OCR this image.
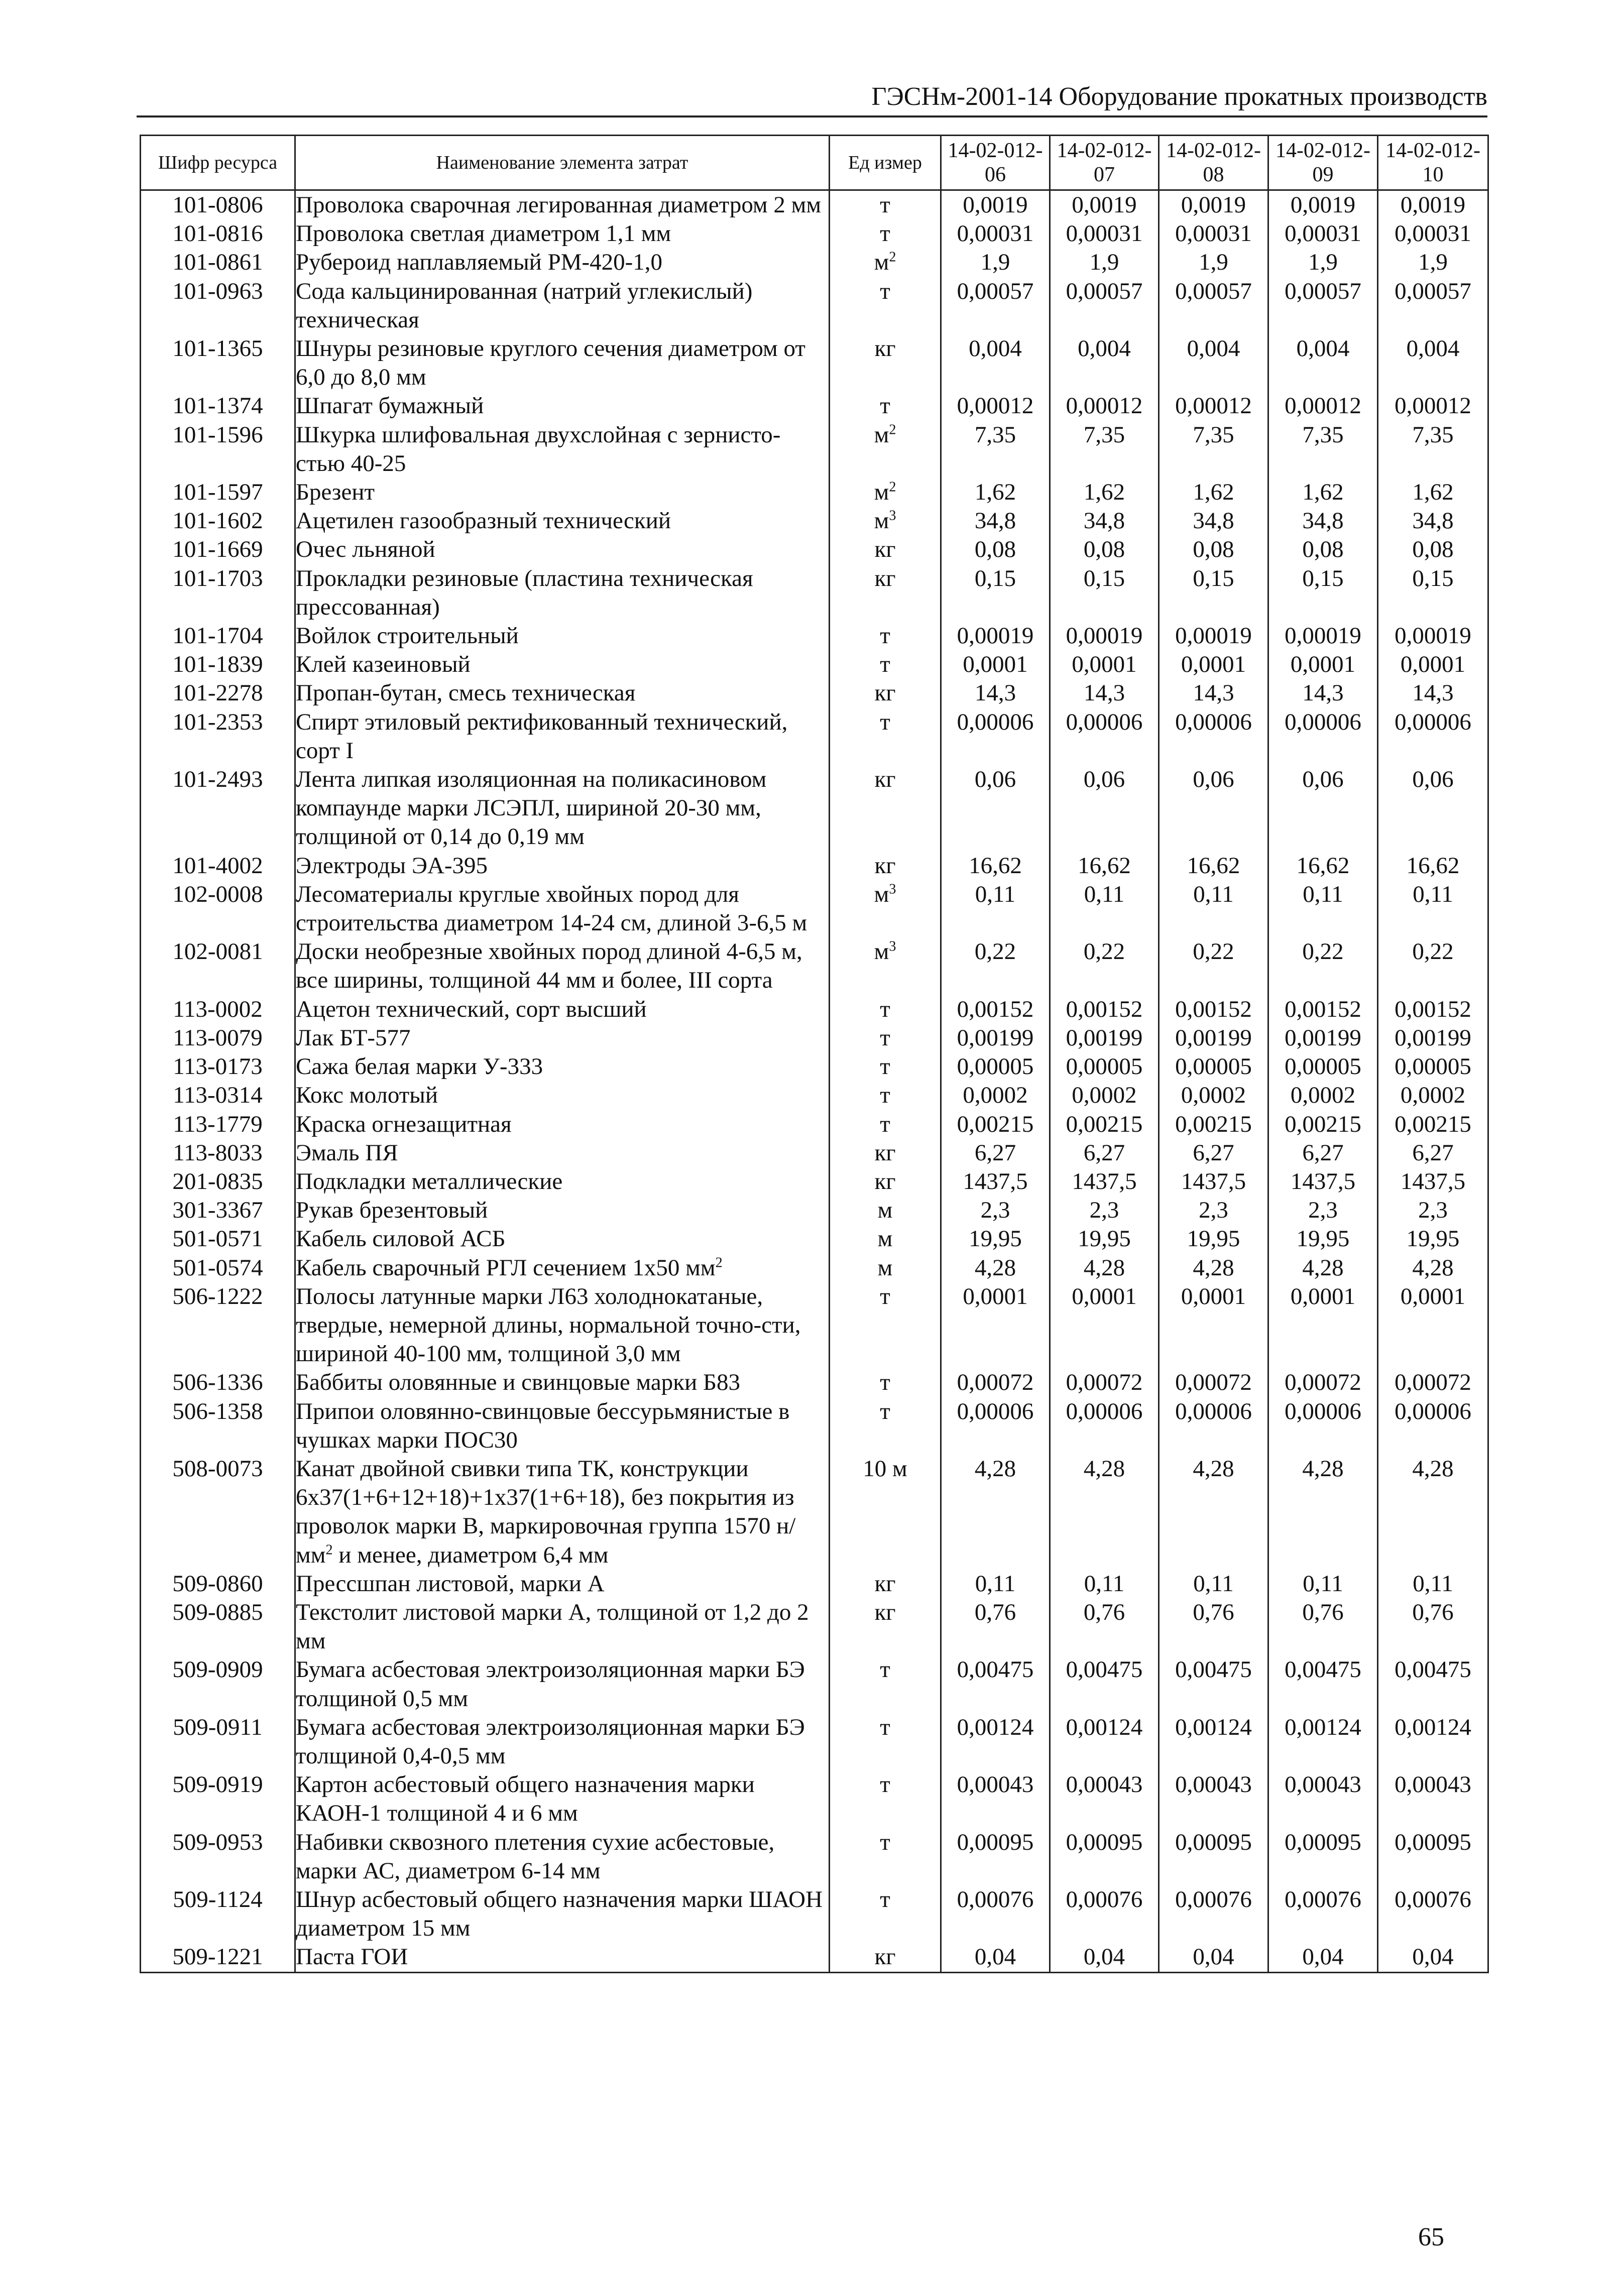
ГЭСНм-2001-14 Оборудование прокатных производств
Шифр ресурса	Наименование элемента затрат	Ед измер	14-02-012-06	14-02-012-07	14-02-012-08	14-02-012-09	14-02-012-10
101-0806	Проволока сварочная легированная диаметром 2 мм	т	0,0019	0,0019	0,0019	0,0019	0,0019
101-0816	Проволока светлая диаметром 1,1 мм	т	0,00031	0,00031	0,00031	0,00031	0,00031
101-0861	Рубероид наплавляемый РМ-420-1,0	$м^2$	1,9	1,9	1,9	1,9	1,9
101-0963	Сода кальцинированная (натрий углекислый) техническая	т	0,00057	0,00057	0,00057	0,00057	0,00057
101-1365	Шнуры резиновые круглого сечения диаметром от 6,0 до 8,0 мм	кг	0,004	0,004	0,004	0,004	0,004
101-1374	Шпагат бумажный	т	0,00012	0,00012	0,00012	0,00012	0,00012
101-1596	Шкурка шлифовальная двухслойная с зернисто-стью 40-25	$м^2$	7,35	7,35	7,35	7,35	7,35
101-1597	Брезент	$м^2$	1,62	1,62	1,62	1,62	1,62
101-1602	Ацетилен газообразный технический	$м^3$	34,8	34,8	34,8	34,8	34,8
101-1669	Очес льняной	кг	0,08	0,08	0,08	0,08	0,08
101-1703	Прокладки резиновые (пластина техническая прессованная)	кг	0,15	0,15	0,15	0,15	0,15
101-1704	Войлок строительный	т	0,00019	0,00019	0,00019	0,00019	0,00019
101-1839	Клей казеиновый	т	0,0001	0,0001	0,0001	0,0001	0,0001
101-2278	Пропан-бутан, смесь техническая	кг	14,3	14,3	14,3	14,3	14,3
101-2353	Спирт этиловый ректификованный технический, сорт I	т	0,00006	0,00006	0,00006	0,00006	0,00006
101-2493	Лента липкая изоляционная на поликасиновом компаунде марки ЛСЭПЛ, шириной 20-30 мм, толщиной от 0,14 до 0,19 мм	кг	0,06	0,06	0,06	0,06	0,06
101-4002	Электроды ЭА-395	кг	16,62	16,62	16,62	16,62	16,62
102-0008	Лесоматериалы круглые хвойных пород для строительства диаметром 14-24 см, длиной 3-6,5 м	$м^3$	0,11	0,11	0,11	0,11	0,11
102-0081	Доски необрезные хвойных пород длиной 4-6,5 м, все ширины, толщиной 44 мм и более, III сорта	$м^3$	0,22	0,22	0,22	0,22	0,22
113-0002	Ацетон технический, сорт высший	т	0,00152	0,00152	0,00152	0,00152	0,00152
113-0079	Лак БТ-577	т	0,00199	0,00199	0,00199	0,00199	0,00199
113-0173	Сажа белая марки У-333	т	0,00005	0,00005	0,00005	0,00005	0,00005
113-0314	Кокс молотый	т	0,0002	0,0002	0,0002	0,0002	0,0002
113-1779	Краска огнезащитная	т	0,00215	0,00215	0,00215	0,00215	0,00215
113-8033	Эмаль ПЯ	кг	6,27	6,27	6,27	6,27	6,27
201-0835	Подкладки металлические	кг	1437,5	1437,5	1437,5	1437,5	1437,5
301-3367	Рукав брезентовый	м	2,3	2,3	2,3	2,3	2,3
501-0571	Кабель силовой АСБ	м	19,95	19,95	19,95	19,95	19,95
501-0574	Кабель сварочный РГЛ сечением 1х50 $мм^2$	м	4,28	4,28	4,28	4,28	4,28
506-1222	Полосы латунные марки Л63 холоднокатаные, твердые, немерной длины, нормальной точно-сти, шириной 40-100 мм, толщиной 3,0 мм	т	0,0001	0,0001	0,0001	0,0001	0,0001
506-1336	Баббиты оловянные и свинцовые марки Б83	т	0,00072	0,00072	0,00072	0,00072	0,00072
506-1358	Припои оловянно-свинцовые бессурьмянистые в чушках марки ПОС30	т	0,00006	0,00006	0,00006	0,00006	0,00006
508-0073	Канат двойной свивки типа ТК, конструкции 6х37(1+6+12+18)+1х37(1+6+18), без покрытия из проволок марки В, маркировочная группа 1570 $н/мм^2$ и менее, диаметром 6,4 мм	10 м	4,28	4,28	4,28	4,28	4,28
509-0860	Прессшпан листовой, марки А	кг	0,11	0,11	0,11	0,11	0,11
509-0885	Текстолит листовой марки А, толщиной от 1,2 до 2 мм	кг	0,76	0,76	0,76	0,76	0,76
509-0909	Бумага асбестовая электроизоляционная марки БЭ толщиной 0,5 мм	т	0,00475	0,00475	0,00475	0,00475	0,00475
509-0911	Бумага асбестовая электроизоляционная марки БЭ толщиной 0,4-0,5 мм	т	0,00124	0,00124	0,00124	0,00124	0,00124
509-0919	Картон асбестовый общего назначения марки КАОН-1 толщиной 4 и 6 мм	т	0,00043	0,00043	0,00043	0,00043	0,00043
509-0953	Набивки сквозного плетения сухие асбестовые, марки АС, диаметром 6-14 мм	т	0,00095	0,00095	0,00095	0,00095	0,00095
509-1124	Шнур асбестовый общего назначения марки ШАОН диаметром 15 мм	т	0,00076	0,00076	0,00076	0,00076	0,00076
509-1221	Паста ГОИ	кг	0,04	0,04	0,04	0,04	0,04
65
